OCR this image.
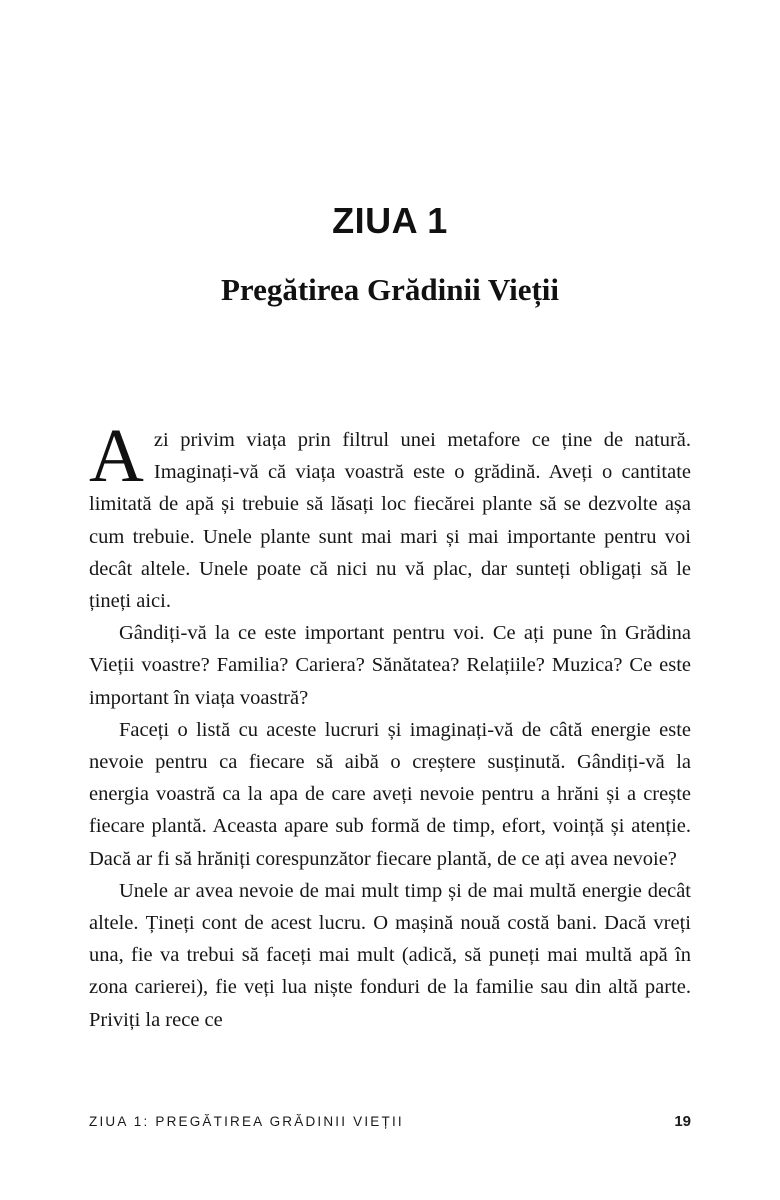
ZIUA 1
Pregătirea Grădinii Vieții

Azi privim viața prin filtrul unei metafore ce ține de natură. Imaginați-vă că viața voastră este o grădină. Aveți o cantitate limitată de apă și trebuie să lăsați loc fiecărei plante să se dezvolte așa cum trebuie. Unele plante sunt mai mari și mai importante pentru voi decât altele. Unele poate că nici nu vă plac, dar sunteți obligați să le țineți aici.

Gândiți-vă la ce este important pentru voi. Ce ați pune în Grădina Vieții voastre? Familia? Cariera? Sănătatea? Relațiile? Muzica? Ce este important în viața voastră?

Faceți o listă cu aceste lucruri și imaginați-vă de câtă energie este nevoie pentru ca fiecare să aibă o creștere susținută. Gândiți-vă la energia voastră ca la apa de care aveți nevoie pentru a hrăni și a crește fiecare plantă. Aceasta apare sub formă de timp, efort, voință și atenție. Dacă ar fi să hrăniți corespunzător fiecare plantă, de ce ați avea nevoie?

Unele ar avea nevoie de mai mult timp și de mai multă energie decât altele. Țineți cont de acest lucru. O mașină nouă costă bani. Dacă vreți una, fie va trebui să faceți mai mult (adică, să puneți mai multă apă în zona carierei), fie veți lua niște fonduri de la familie sau din altă parte. Priviți la rece ce

ZIUA 1: PREGĂTIREA GRĂDINII VIEȚII	19
